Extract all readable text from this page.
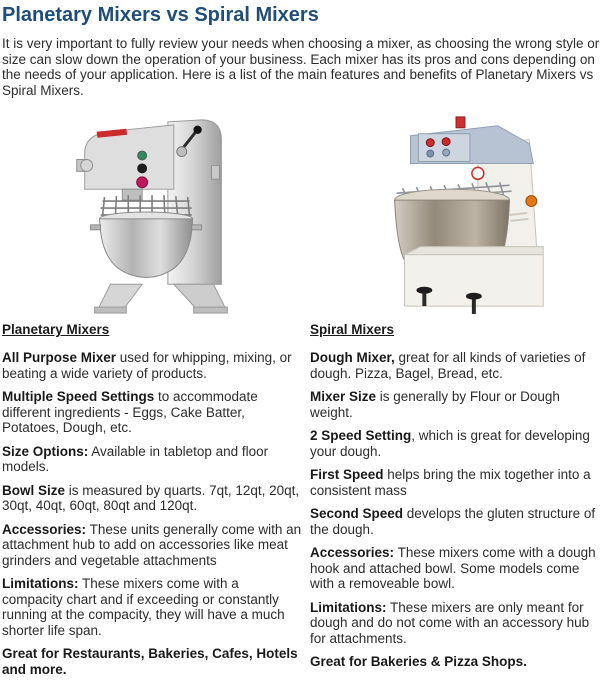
Planetary Mixers vs Spiral Mixers

It is very important to fully review your needs when choosing a mixer, as choosing the wrong style or size can slow down the operation of your business. Each mixer has its pros and cons depending on the needs of your application. Here is a list of the main features and benefits of Planetary Mixers vs Spiral Mixers.

Planetary Mixers

All Purpose Mixer used for whipping, mixing, or beating a wide variety of products.

Multiple Speed Settings to accommodate different ingredients - Eggs, Cake Batter, Potatoes, Dough, etc.

Size Options: Available in tabletop and floor models.

Bowl Size is measured by quarts. 7qt, 12qt, 20qt, 30qt, 40qt, 60qt, 80qt and 120qt.

Accessories: These units generally come with an attachment hub to add on accessories like meat grinders and vegetable attachments

Limitations: These mixers come with a compacity chart and if exceeding or constantly running at the compacity, they will have a much shorter life span.

Great for Restaurants, Bakeries, Cafes, Hotels and more.

Spiral Mixers

Dough Mixer, great for all kinds of varieties of dough. Pizza, Bagel, Bread, etc.

Mixer Size is generally by Flour or Dough weight.

2 Speed Setting, which is great for developing your dough.

First Speed helps bring the mix together into a consistent mass

Second Speed develops the gluten structure of the dough.

Accessories: These mixers come with a dough hook and attached bowl. Some models come with a removeable bowl.

Limitations: These mixers are only meant for dough and do not come with an accessory hub for attachments.

Great for Bakeries & Pizza Shops.
